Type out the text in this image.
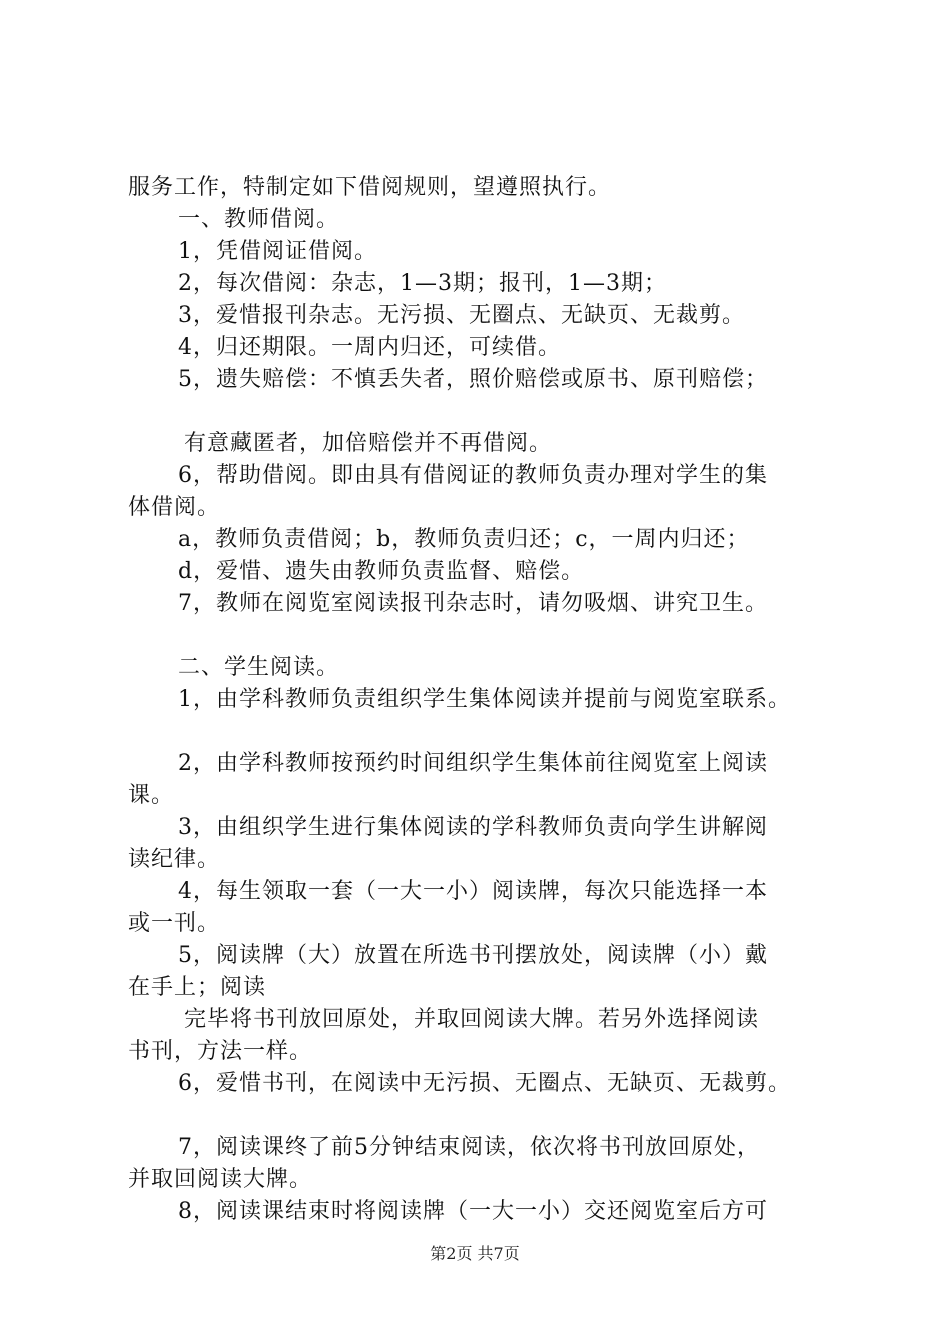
服务工作，特制定如下借阅规则，望遵照执行。
一、教师借阅。
1，凭借阅证借阅。
2，每次借阅：杂志，1—3期；报刊，1—3期；
3，爱惜报刊杂志。无污损、无圈点、无缺页、无裁剪。
4，归还期限。一周内归还，可续借。
5，遗失赔偿：不慎丢失者，照价赔偿或原书、原刊赔偿；
有意藏匿者，加倍赔偿并不再借阅。
6，帮助借阅。即由具有借阅证的教师负责办理对学生的集
体借阅。
a，教师负责借阅；b，教师负责归还；c，一周内归还；
d，爱惜、遗失由教师负责监督、赔偿。
7，教师在阅览室阅读报刊杂志时，请勿吸烟、讲究卫生。
二、学生阅读。
1，由学科教师负责组织学生集体阅读并提前与阅览室联系。
2，由学科教师按预约时间组织学生集体前往阅览室上阅读
课。
3，由组织学生进行集体阅读的学科教师负责向学生讲解阅
读纪律。
4，每生领取一套（一大一小）阅读牌，每次只能选择一本
或一刊。
5，阅读牌（大）放置在所选书刊摆放处，阅读牌（小）戴
在手上；阅读
完毕将书刊放回原处，并取回阅读大牌。若另外选择阅读
书刊，方法一样。
6，爱惜书刊，在阅读中无污损、无圈点、无缺页、无裁剪。
7，阅读课终了前5分钟结束阅读，依次将书刊放回原处，
并取回阅读大牌。
8，阅读课结束时将阅读牌（一大一小）交还阅览室后方可
第2页 共7页
